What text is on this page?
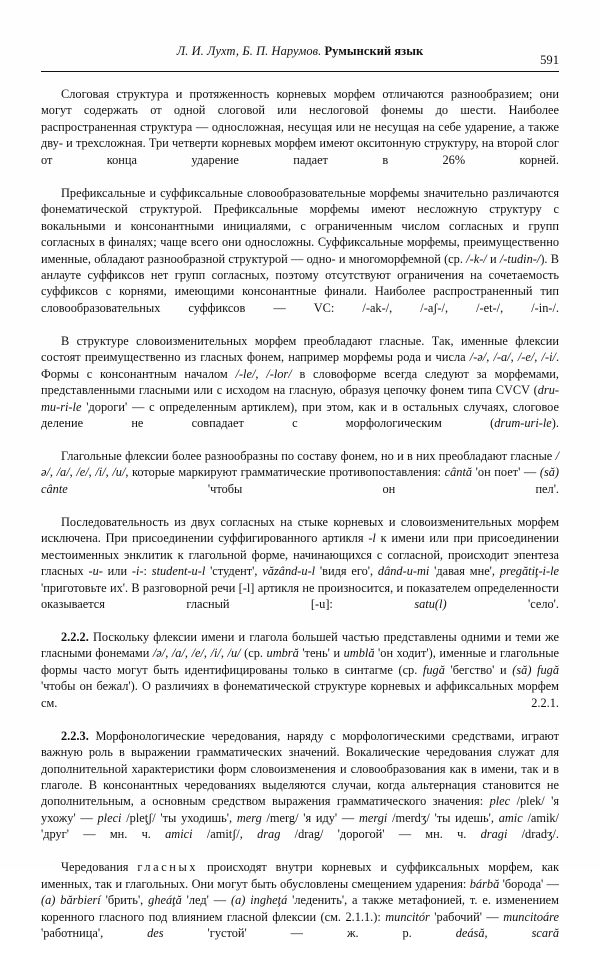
Л. И. Лухт, Б. П. Нарумов. Румынский язык
591

Слоговая структура и протяженность корневых морфем отличаются разнообразием; они могут содержать от одной слоговой или неслоговой фонемы до шести. Наиболее распространенная структура — односложная, несущая или не несущая на себе ударение, а также дву- и трехсложная. Три четверти корневых морфем имеют окситонную структуру, на второй слог от конца ударение падает в 26% корней.

Префиксальные и суффиксальные словообразовательные морфемы значительно различаются фонематической структурой. Префиксальные морфемы имеют несложную структуру с вокальными и консонантными инициалями, с ограниченным числом согласных и групп согласных в финалях; чаще всего они односложны. Суффиксальные морфемы, преимущественно именные, обладают разнообразной структурой — одно- и многоморфемной (ср. /-k-/ и /-tudin-/). В анлауте суффиксов нет групп согласных, поэтому отсутствуют ограничения на сочетаемость суффиксов с корнями, имеющими консонантные финали. Наиболее распространенный тип словообразовательных суффиксов — VC: /-ak-/, /-aʃ-/, /-et-/, /-in-/.

В структуре словоизменительных морфем преобладают гласные. Так, именные флексии состоят преимущественно из гласных фонем, например морфемы рода и числа /-ə/, /-a/, /-e/, /-i/. Формы с консонантным началом /-le/, /-lor/ в словоформе всегда следуют за морфемами, представленными гласными или с исходом на гласную, образуя цепочку фонем типа CVCV (dru-mu-ri-le 'дороги' — с определенным артиклем), при этом, как и в остальных случаях, слоговое деление не совпадает с морфологическим (drum-uri-le).

Глагольные флексии более разнообразны по составу фонем, но и в них преобладают гласные /ə/, /a/, /e/, /i/, /u/, которые маркируют грамматические противопоставления: cântă 'он поет' — (să) cânte 'чтобы он пел'.

Последовательность из двух согласных на стыке корневых и словоизменительных морфем исключена. При присоединении суффигированного артикля -l к имени или при присоединении местоименных энклитик к глагольной форме, начинающихся с согласной, происходит эпентеза гласных -u- или -i-: student-u-l 'студент', văzând-u-l 'видя его', dând-u-mi 'давая мне', pregătiţ-i-le 'приготовьте их'. В разговорной речи [-l] артикля не произносится, и показателем определенности оказывается гласный [-u]: satu(l) 'село'.

2.2.2. Поскольку флексии имени и глагола большей частью представлены одними и теми же гласными фонемами /ə/, /a/, /e/, /i/, /u/ (ср. umbră 'тень' и umblă 'он ходит'), именные и глагольные формы часто могут быть идентифицированы только в синтагме (ср. fugă 'бегство' и (să) fugă 'чтобы он бежал'). О различиях в фонематической структуре корневых и аффиксальных морфем см. 2.2.1.

2.2.3. Морфонологические чередования, наряду с морфологическими средствами, играют важную роль в выражении грамматических значений. Вокалические чередования служат для дополнительной характеристики форм словоизменения и словообразования как в имени, так и в глаголе. В консонантных чередованиях выделяются случаи, когда альтернация становится не дополнительным, а основным средством выражения грамматического значения: plec /plek/ 'я ухожу' — pleci /pleţʃ/ 'ты уходишь', merg /merg/ 'я иду' — mergi /merdʒ/ 'ты идешь', amic /amik/ 'друг' — мн. ч. amici /amitʃ/, drag /drag/ 'дорогой' — мн. ч. dragi /dradʒ/.

Чередования гласных происходят внутри корневых и суффиксальных морфем, как именных, так и глагольных. Они могут быть обусловлены смещением ударения: bárbă 'борода' — (a) bărbierí 'брить', gheáţă 'лед' — (a) ingheţá 'леденить', а также метафонией, т. е. изменением коренного гласного под влиянием гласной флексии (см. 2.1.1.): muncitór 'рабочий' — muncitoáre 'работница', des 'густой' — ж. р. deásă, scară
